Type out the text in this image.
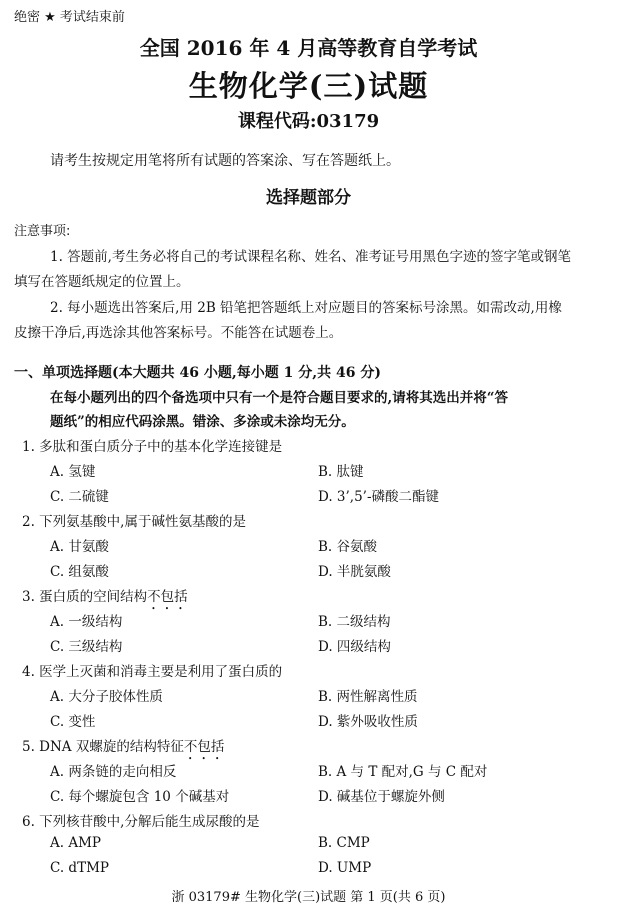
绝密 ★ 考试结束前
全国 2016 年 4 月高等教育自学考试
生物化学(三)试题
课程代码:03179
请考生按规定用笔将所有试题的答案涂、写在答题纸上。
选择题部分
注意事项:
1. 答题前,考生务必将自己的考试课程名称、姓名、准考证号用黑色字迹的签字笔或钢笔
填写在答题纸规定的位置上。
2. 每小题选出答案后,用 2B 铅笔把答题纸上对应题目的答案标号涂黑。如需改动,用橡
皮擦干净后,再选涂其他答案标号。不能答在试题卷上。
一、单项选择题(本大题共 46 小题,每小题 1 分,共 46 分)
在每小题列出的四个备选项中只有一个是符合题目要求的,请将其选出并将“答
题纸”的相应代码涂黑。错涂、多涂或未涂均无分。
1. 多肽和蛋白质分子中的基本化学连接键是
A. 氢键	B. 肽键
C. 二硫键	D. 3’,5’-磷酸二酯键
2. 下列氨基酸中,属于碱性氨基酸的是
A. 甘氨酸	B. 谷氨酸
C. 组氨酸	D. 半胱氨酸
3. 蛋白质的空间结构不包括
A. 一级结构	B. 二级结构
C. 三级结构	D. 四级结构
4. 医学上灭菌和消毒主要是利用了蛋白质的
A. 大分子胶体性质	B. 两性解离性质
C. 变性	D. 紫外吸收性质
5. DNA 双螺旋的结构特征不包括
A. 两条链的走向相反	B. A 与 T 配对,G 与 C 配对
C. 每个螺旋包含 10 个碱基对	D. 碱基位于螺旋外侧
6. 下列核苷酸中,分解后能生成尿酸的是
A. AMP	B. CMP
C. dTMP	D. UMP
浙 03179# 生物化学(三)试题 第 1 页(共 6 页)
